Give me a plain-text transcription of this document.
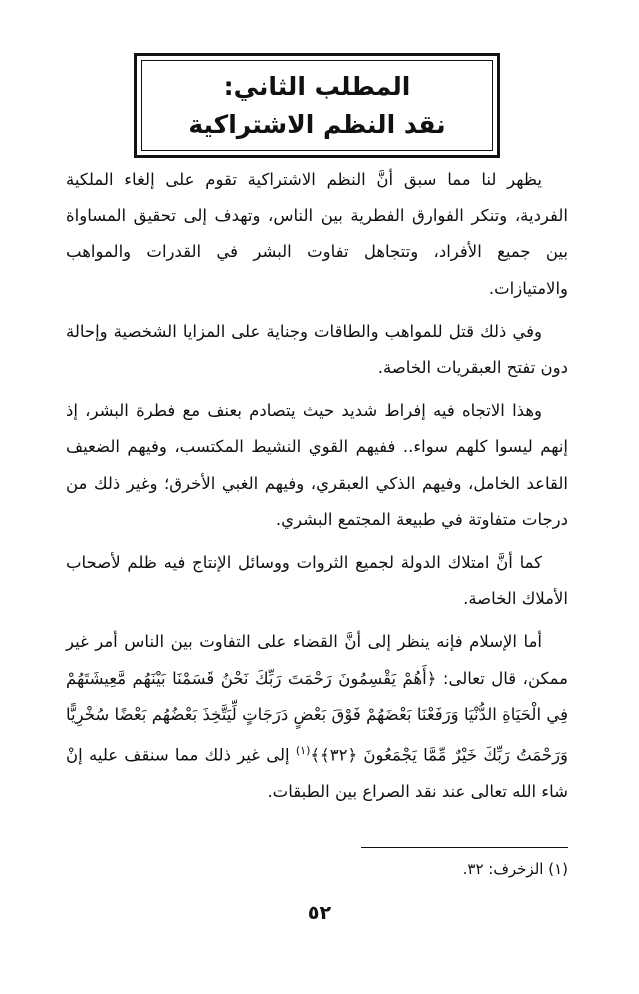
المطلب الثاني:
نقد النظم الاشتراكية

يظهر لنا مما سبق أنَّ النظم الاشتراكية تقوم على إلغاء الملكية الفردية، وتنكر الفوارق الفطرية بين الناس، وتهدف إلى تحقيق المساواة بين جميع الأفراد، وتتجاهل تفاوت البشر في القدرات والمواهب والامتيازات.

وفي ذلك قتل للمواهب والطاقات وجناية على المزايا الشخصية وإحالة دون تفتح العبقريات الخاصة.

وهذا الاتجاه فيه إفراط شديد حيث يتصادم بعنف مع فطرة البشر، إذ إنهم ليسوا كلهم سواء.. ففيهم القوي النشيط المكتسب، وفيهم الضعيف القاعد الخامل، وفيهم الذكي العبقري، وفيهم الغبي الأخرق؛ وغير ذلك من درجات متفاوتة في طبيعة المجتمع البشري.

كما أنَّ امتلاك الدولة لجميع الثروات ووسائل الإنتاج فيه ظلم لأصحاب الأملاك الخاصة.

أما الإسلام فإنه ينظر إلى أنَّ القضاء على التفاوت بين الناس أمر غير ممكن، قال تعالى: ﴿أَهُمْ يَقْسِمُونَ رَحْمَتَ رَبِّكَ نَحْنُ قَسَمْنَا بَيْنَهُم مَّعِيشَتَهُمْ فِي الْحَيَاةِ الدُّنْيَا وَرَفَعْنَا بَعْضَهُمْ فَوْقَ بَعْضٍ دَرَجَاتٍ لِّيَتَّخِذَ بَعْضُهُم بَعْضًا سُخْرِيًّا وَرَحْمَتُ رَبِّكَ خَيْرٌ مِّمَّا يَجْمَعُونَ ﴿٣٢﴾﴾$^{(١)}$ إلى غير ذلك مما سنقف عليه إنْ شاء الله تعالى عند نقد الصراع بين الطبقات.

(١) الزخرف: ٣٢.
٥٢
